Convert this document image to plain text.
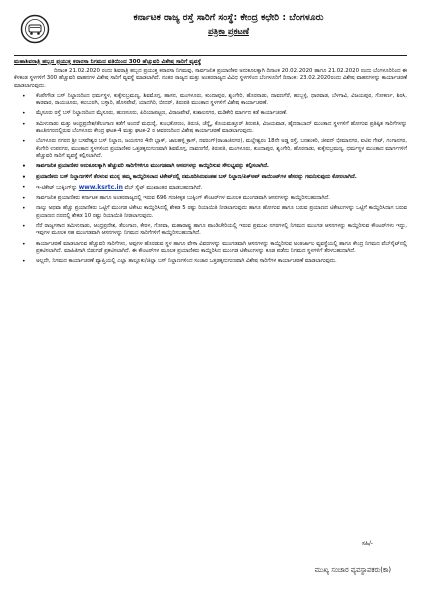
ಕರ್ನಾಟಕ ರಾಜ್ಯ ರಸ್ತೆ ಸಾರಿಗೆ ಸಂಸ್ಥೆ: ಕೇಂದ್ರ ಕಛೇರಿ : ಬೆಂಗಳೂರು
ಪತ್ರಿಕಾ ಪ್ರಕಟಣೆ
ಮಹಾಶಿವರಾತ್ರಿ ಹಬ್ಬದ ಪ್ರಯುಕ್ತ ಕರಾರಸಾ ನಿಗಮದ ವತಿಯಿಂದ 300 ಹೆಚ್ಚುವರಿ ವಿಶೇಷ ಸಾರಿಗೆ ವ್ಯವಸ್ಥೆ
ದಿನಾಂಕ 21.02.2020 ರಂದು ಶಿವರಾತ್ರಿ ಹಬ್ಬದ ಪ್ರಯುಕ್ತ ಕರಾರಸಾ ನಿಗಮವು, ಸಾರ್ವಜನಿಕ ಪ್ರಯಾಣಿಕರ ಅನುಕೂಲಕ್ಕಾಗಿ ದಿನಾಂಕ 20.02.2020 ಹಾಗೂ 21.02.2020 ರಂದು ಬೆಂಗಳೂರಿನಿಂದ ಈ ಕೆಳಕಂಡ ಸ್ಥಳಗಳಿಗೆ 300 ಹೆಚ್ಚುವರಿ ವಾಹನಗಳ ವಿಶೇಷ ಸಾರಿಗೆ ವ್ಯವಸ್ಥೆ ಮಾಡಲಾಗಿದೆ. ನಂತರ ರಾಜ್ಯದ ಮತ್ತು ಅಂತರರಾಜ್ಯದ ವಿವಿಧ ಸ್ಥಳಗಳಿಂದ ಬೆಂಗಳೂರಿಗೆ ದಿನಾಂಕ: 23.02.2020ರಂದು ವಿಶೇಷ ವಾಹನಗಳನ್ನು ಕಾರ್ಯಾಚರಣೆ ಮಾಡಲಾಗುವುದು.
• ಕೆಂಪೇಗೌಡ ಬಸ್ ನಿಲ್ದಾಣದಿಂದ ಧರ್ಮಸ್ಥಳ, ಕುಕ್ಕೆಸುಬ್ರಮಣ್ಯ, ಶಿವಮೊಗ್ಗ, ಹಾಸನ, ಮಂಗಳೂರು, ಕುಂದಾಪುರ, ಶೃಂಗೇರಿ, ಹೊರನಾಡು, ದಾವಣಗೆರೆ, ಹುಬ್ಬಳ್ಳಿ, ಧಾರವಾಡ, ಬೆಳಗಾವಿ, ವಿಜಯಪುರ, ಗೋಕರ್ಣ, ಶಿರಸಿ, ಕಾರವಾರ, ರಾಯಚೂರು, ಕಲಬುರಗಿ, ಬಳ್ಳಾರಿ, ಹೊಸಪೇಟೆ, ಯಾದಗಿರಿ, ಬೀದರ್, ತಿರುಪತಿ ಮುಂತಾದ ಸ್ಥಳಗಳಿಗೆ ವಿಶೇಷ ಕಾರ್ಯಾಚರಣೆ.
• ಮೈಸೂರು ರಸ್ತೆ ಬಸ್ ನಿಲ್ದಾಣದಿಂದ ಮೈಸೂರು, ಹುಣಸೂರು, ಪಿರಿಯಾಪಟ್ಟಣ, ವಿರಾಜಪೇಟೆ, ಕುಶಾಲನಗರ, ಮಡಿಕೇರಿ ಮಾರ್ಗದ ಕಡೆ ಕಾರ್ಯಾಚರಣೆ.
• ತಮಿಳುನಾಡು ಮತ್ತು ಆಂಧ್ರಪ್ರದೇಶ/ತೆಲಂಗಾಣ ಕಡೆಗೆ ಅಂದರೆ ಮಧುರೈ, ಕುಂಭಕೋಣಂ, ತಿರುಚಿ, ಚೆನ್ನೈ, ಕೊಯಮತ್ತೂರ್ ತಿರುಪತಿ, ವಿಜಯವಾಡ, ಹೈದರಾಬಾದ್ ಮುಂತಾದ ಸ್ಥಳಗಳಿಗೆ ಹೋಗುವ ಪ್ರತಿಷ್ಠಿತ ಸಾರಿಗೆಗಳನ್ನು ಶಾಂತಿನಗರದಲ್ಲಿರುವ ಬೆಂಗಳೂರು ಕೇಂದ್ರ ಘಟಕ-4 ಮತ್ತು ಘಟಕ-2 ರ ಆವರಣದಿಂದ ವಿಶೇಷ ಕಾರ್ಯಾಚರಣೆ ಮಾಡಲಾಗುವುದು.
• ಬೆಂಗಳೂರು ನಗರದ ಶ್ರೀ ಬಸವೇಶ್ವರ ಬಸ್ ನಿಲ್ದಾಣ, ಜಯನಗರ 4ನೇ ಬ್ಲಾಕ್, ಜಾಲಹಳ್ಳಿ ಕ್ರಾಸ್, ನವರಂಗ್(ರಾಜಾಜಿನಗರ), ಮಲ್ಲೇಶ್ವರಂ 18ನೇ ಅಡ್ಡ ರಸ್ತೆ, ಬನಶಂಕರಿ, ಜೀವನ್ ಭೀಮಾನಗರ, ಐಟಿಐ ಗೇಟ್, ಗಂಗಾನಗರ, ಕೆಂಗೇರಿ ಉಪನಗರ, ಮುಂತಾದ ಸ್ಥಳಗಳಿಂದ ಪ್ರಯಾಣಿಕರ ಒತ್ತಡಕ್ಕನುಗುಣವಾಗಿ ಶಿವಮೊಗ್ಗ, ದಾವಣಗೆರೆ, ತಿರುಪತಿ, ಮಂಗಳೂರು, ಕುಂದಾಪುರ, ಶೃಂಗೇರಿ, ಹೊರನಾಡು, ಕುಕ್ಕೆಸುಬ್ರಮಣ್ಯ, ಧರ್ಮಸ್ಥಳ ಮುಂತಾದ ಮಾರ್ಗಗಳಿಗೆ ಹೆಚ್ಚುವರಿ ಸಾರಿಗೆ ವ್ಯವಸ್ಥೆ ಕಲ್ಪಿಸಲಾಗಿದೆ.
• ಸಾರ್ವಜನಿಕ ಪ್ರಯಾಣಿಕರ ಅನುಕೂಲಕ್ಕಾಗಿ ಹೆಚ್ಚುವರಿ ಸಾರಿಗೆಗಳಿಗೂ ಮುಂಗಡವಾಗಿ ಆಸನಗಳನ್ನು ಕಾಯ್ದಿರಿಸುವ ಸೌಲಭ್ಯವನ್ನು ಕಲ್ಪಿಸಲಾಗಿದೆ.
• ಪ್ರಯಾಣಿಕರು ಬಸ್ ನಿಲ್ದಾಣಗಳಿಗೆ ತೆರಳುವ ಮುನ್ನ ತಮ್ಮ ಕಾಯ್ದಿರಿಸಲಾದ ಟಿಕೇಟ್‌ನಲ್ಲಿ ನಮೂದಿಸಿರುವಂತಹ ಬಸ್ ನಿಲ್ದಾಣ/ಪಿಕ್‌ಅಪ್ ಪಾಯಿಂಟ್‌ಗಳ ಹೆಸರನ್ನು ಗಮನಿಸುವುದು ಕೋರಲಾಗಿದೆ.
• ಇ-ಟಿಕೇಟ್ ಬುಕ್ಕಿಂಗ್‌ನ್ನು www.ksrtc.in ವೆಬ್ ಸೈಟ್ ಮುಖಾಂತರ ಮಾಡಬಹುದಾಗಿದೆ.
• ಸಾರ್ವಜನಿಕ ಪ್ರಯಾಣಿಕರು ಕರ್ನಾಟಕ ಹಾಗೂ ಅಂತರರಾಜ್ಯದಲ್ಲಿ ಇರುವ 696 ಗಣಕೀಕೃತ ಬುಕ್ಕಿಂಗ್ ಕೌಂಟರ್‌ಗಳ ಮೂಲಕ ಮುಂಗಡವಾಗಿ ಆಸನಗಳನ್ನು ಕಾಯ್ದಿರಿಸಬಹುದಾಗಿದೆ.
• ನಾಲ್ಕು ಅಥವಾ ಹೆಚ್ಚು ಪ್ರಯಾಣಿಕರು ಒಟ್ಟಿಗೆ ಮುಂಗಡ ಟಿಕೇಟು ಕಾಯ್ದಿರಿಸಿದಲ್ಲಿ ಶೇಕಡ 5 ರಷ್ಟು ರಿಯಾಯಿತಿ ನೀಡಲಾಗುವುದು ಹಾಗೂ ಹೋಗುವ ಹಾಗೂ ಬರುವ ಪ್ರಯಾಣದ ಟಿಕೇಟುಗಳನ್ನು ಒಟ್ಟಿಗೆ ಕಾಯ್ದಿರಿಸಿದಾಗ ಬರುವ ಪ್ರಯಾಣದ ದರದಲ್ಲಿ ಶೇಕಡ 10 ರಷ್ಟು ರಿಯಾಯಿತಿ ನೀಡಲಾಗುವುದು.
• ನೆರೆ ರಾಜ್ಯಗಳಾದ ತಮಿಳುನಾಡು, ಆಂಧ್ರಪ್ರದೇಶ, ತೆಲಂಗಾಣ, ಕೇರಳ, ಗೋವಾ, ಮಹಾರಾಷ್ಟ್ರ ಹಾಗೂ ಪಾಂಡಿಚೇರಿಯಲ್ಲಿ ಇರುವ ಪ್ರಮುಖ ನಗರಗಳಲ್ಲಿ ನಿಗಮದ ಮುಂಗಡ ಆಸನಗಳನ್ನು ಕಾಯ್ದಿರಿಸುವ ಕೌಂಟರ್‌ಗಳು ಇದ್ದು, ಇವುಗಳ ಮೂಲಕ ಸಹ ಮುಂಗಡವಾಗಿ ಆಸನಗಳನ್ನು ನಿಗಮದ ಸಾರಿಗೆಗಳಿಗೆ ಕಾಯ್ದಿರಿಸಬಹುದಾಗಿದೆ.
• ಕಾರ್ಯಾಚರಣೆ ಮಾಡಲಾಗುವ ಹೆಚ್ಚುವರಿ ಸಾರಿಗೆಗಳು, ಅವುಗಳ ಹೊರಡುವ ಸ್ಥಳ ಹಾಗೂ ವೇಳಾ ವಿವರಗಳನ್ನು ಮುಂಗಡವಾಗಿ ಆಸನಗಳನ್ನು ಕಾಯ್ದಿರಿಸುವ ಅಂತರ್ಜಾಲ ವ್ಯವಸ್ಥೆಯಲ್ಲಿ ಹಾಗೂ ಕೇಂದ್ರ ನಿಗಮದ ವೆಬ್‌ಸೈಟ್‌ನಲ್ಲಿ ಪ್ರಕಟಿಸಲಾಗಿದೆ. ಮಾಹಿತಿಗಾಗಿ ಬಿಡುಗಡೆ ಪ್ರಕಟಿಸಲಾಗಿದೆ. ಈ ಕೌಂಟರ್‌ಗಳ ಮೂಲಕ ಪ್ರಯಾಣಿಕರು ಕಾಯ್ದಿರಿಸಿದ ಮುಂಗಡ ಟಿಕೇಟುಗಳನ್ನು ಕೂಡ ಪಡೆದು ನಿಗಮದ ಸ್ಥಳಗಳಿಗೆ ತೆರಳಬಹುದಾಗಿದೆ.
• ಅಲ್ಲದೇ, ನಿಗಮದ ಕಾರ್ಯಾಚರಣೆ ವ್ಯಾಪ್ತಿಯಲ್ಲಿ ಎಲ್ಲಾ ತಾಲ್ಲೂಕು/ಜಿಲ್ಲಾ ಬಸ್ ನಿಲ್ದಾಣಗಳಿಂದ ಸಂಚಾರ ಒತ್ತಡಕ್ಕನುಗುಣವಾಗಿ ವಿಶೇಷ ಸಾರಿಗೆಗಳ ಕಾರ್ಯಾಚರಣೆ ಮಾಡಲಾಗುವುದು.
ಸಹಿ/-
ಮುಖ್ಯ ಸಂಚಾರ ವ್ಯವಸ್ಥಾಪಕರು(ಕಾ)
